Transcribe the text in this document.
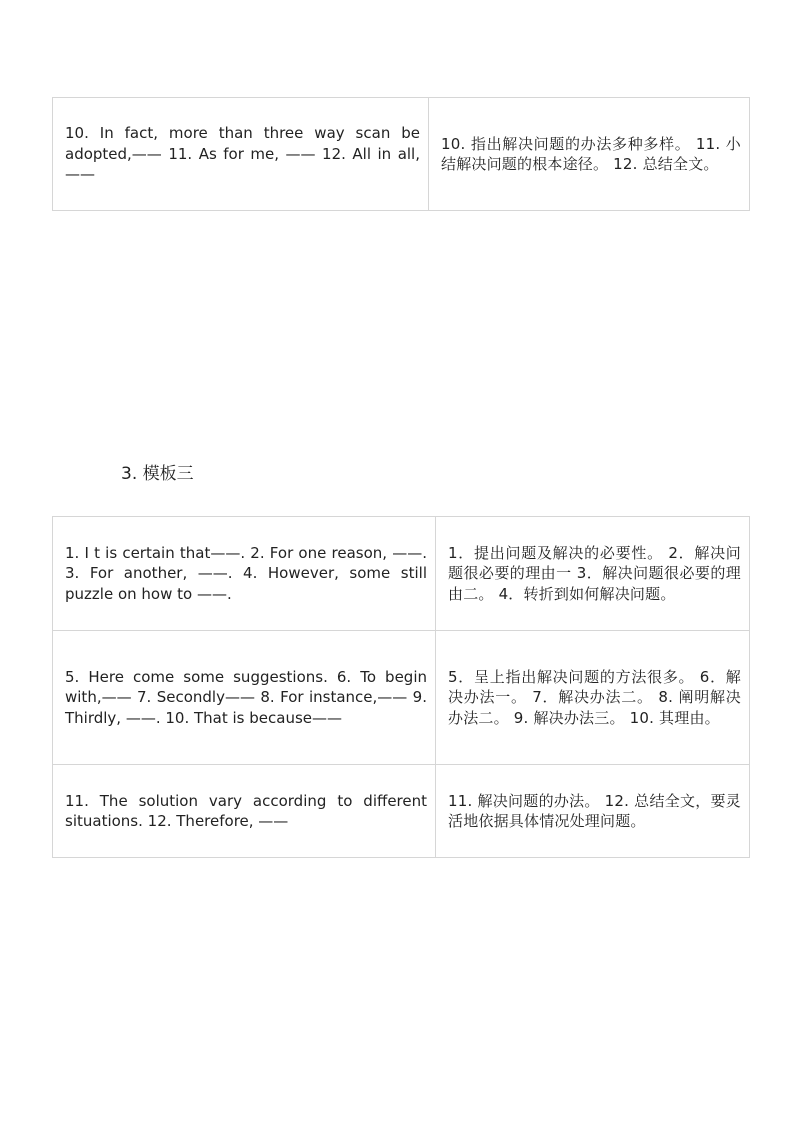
10. In fact, more than three way scan be adopted,—— 11. As for me, —— 12. All in all, ——	10. 指出解决问题的办法多种多样。 11. 小结解决问题的根本途径。 12. 总结全文。
3. 模板三
1. I t is certain that——. 2. For one reason, ——. 3. For another, ——. 4. However, some still puzzle on how to ——.	1．提出问题及解决的必要性。 2．解决问题很必要的理由一 3．解决问题很必要的理由二。 4．转折到如何解决问题。
5. Here come some suggestions. 6. To begin with,—— 7. Secondly—— 8. For instance,—— 9. Thirdly, ——. 10. That is because——	5．呈上指出解决问题的方法很多。 6．解决办法一。 7．解决办法二。 8. 阐明解决办法二。 9. 解决办法三。 10. 其理由。
11. The solution vary according to different situations. 12. Therefore, ——	11. 解决问题的办法。 12. 总结全文，要灵活地依据具体情况处理问题。
